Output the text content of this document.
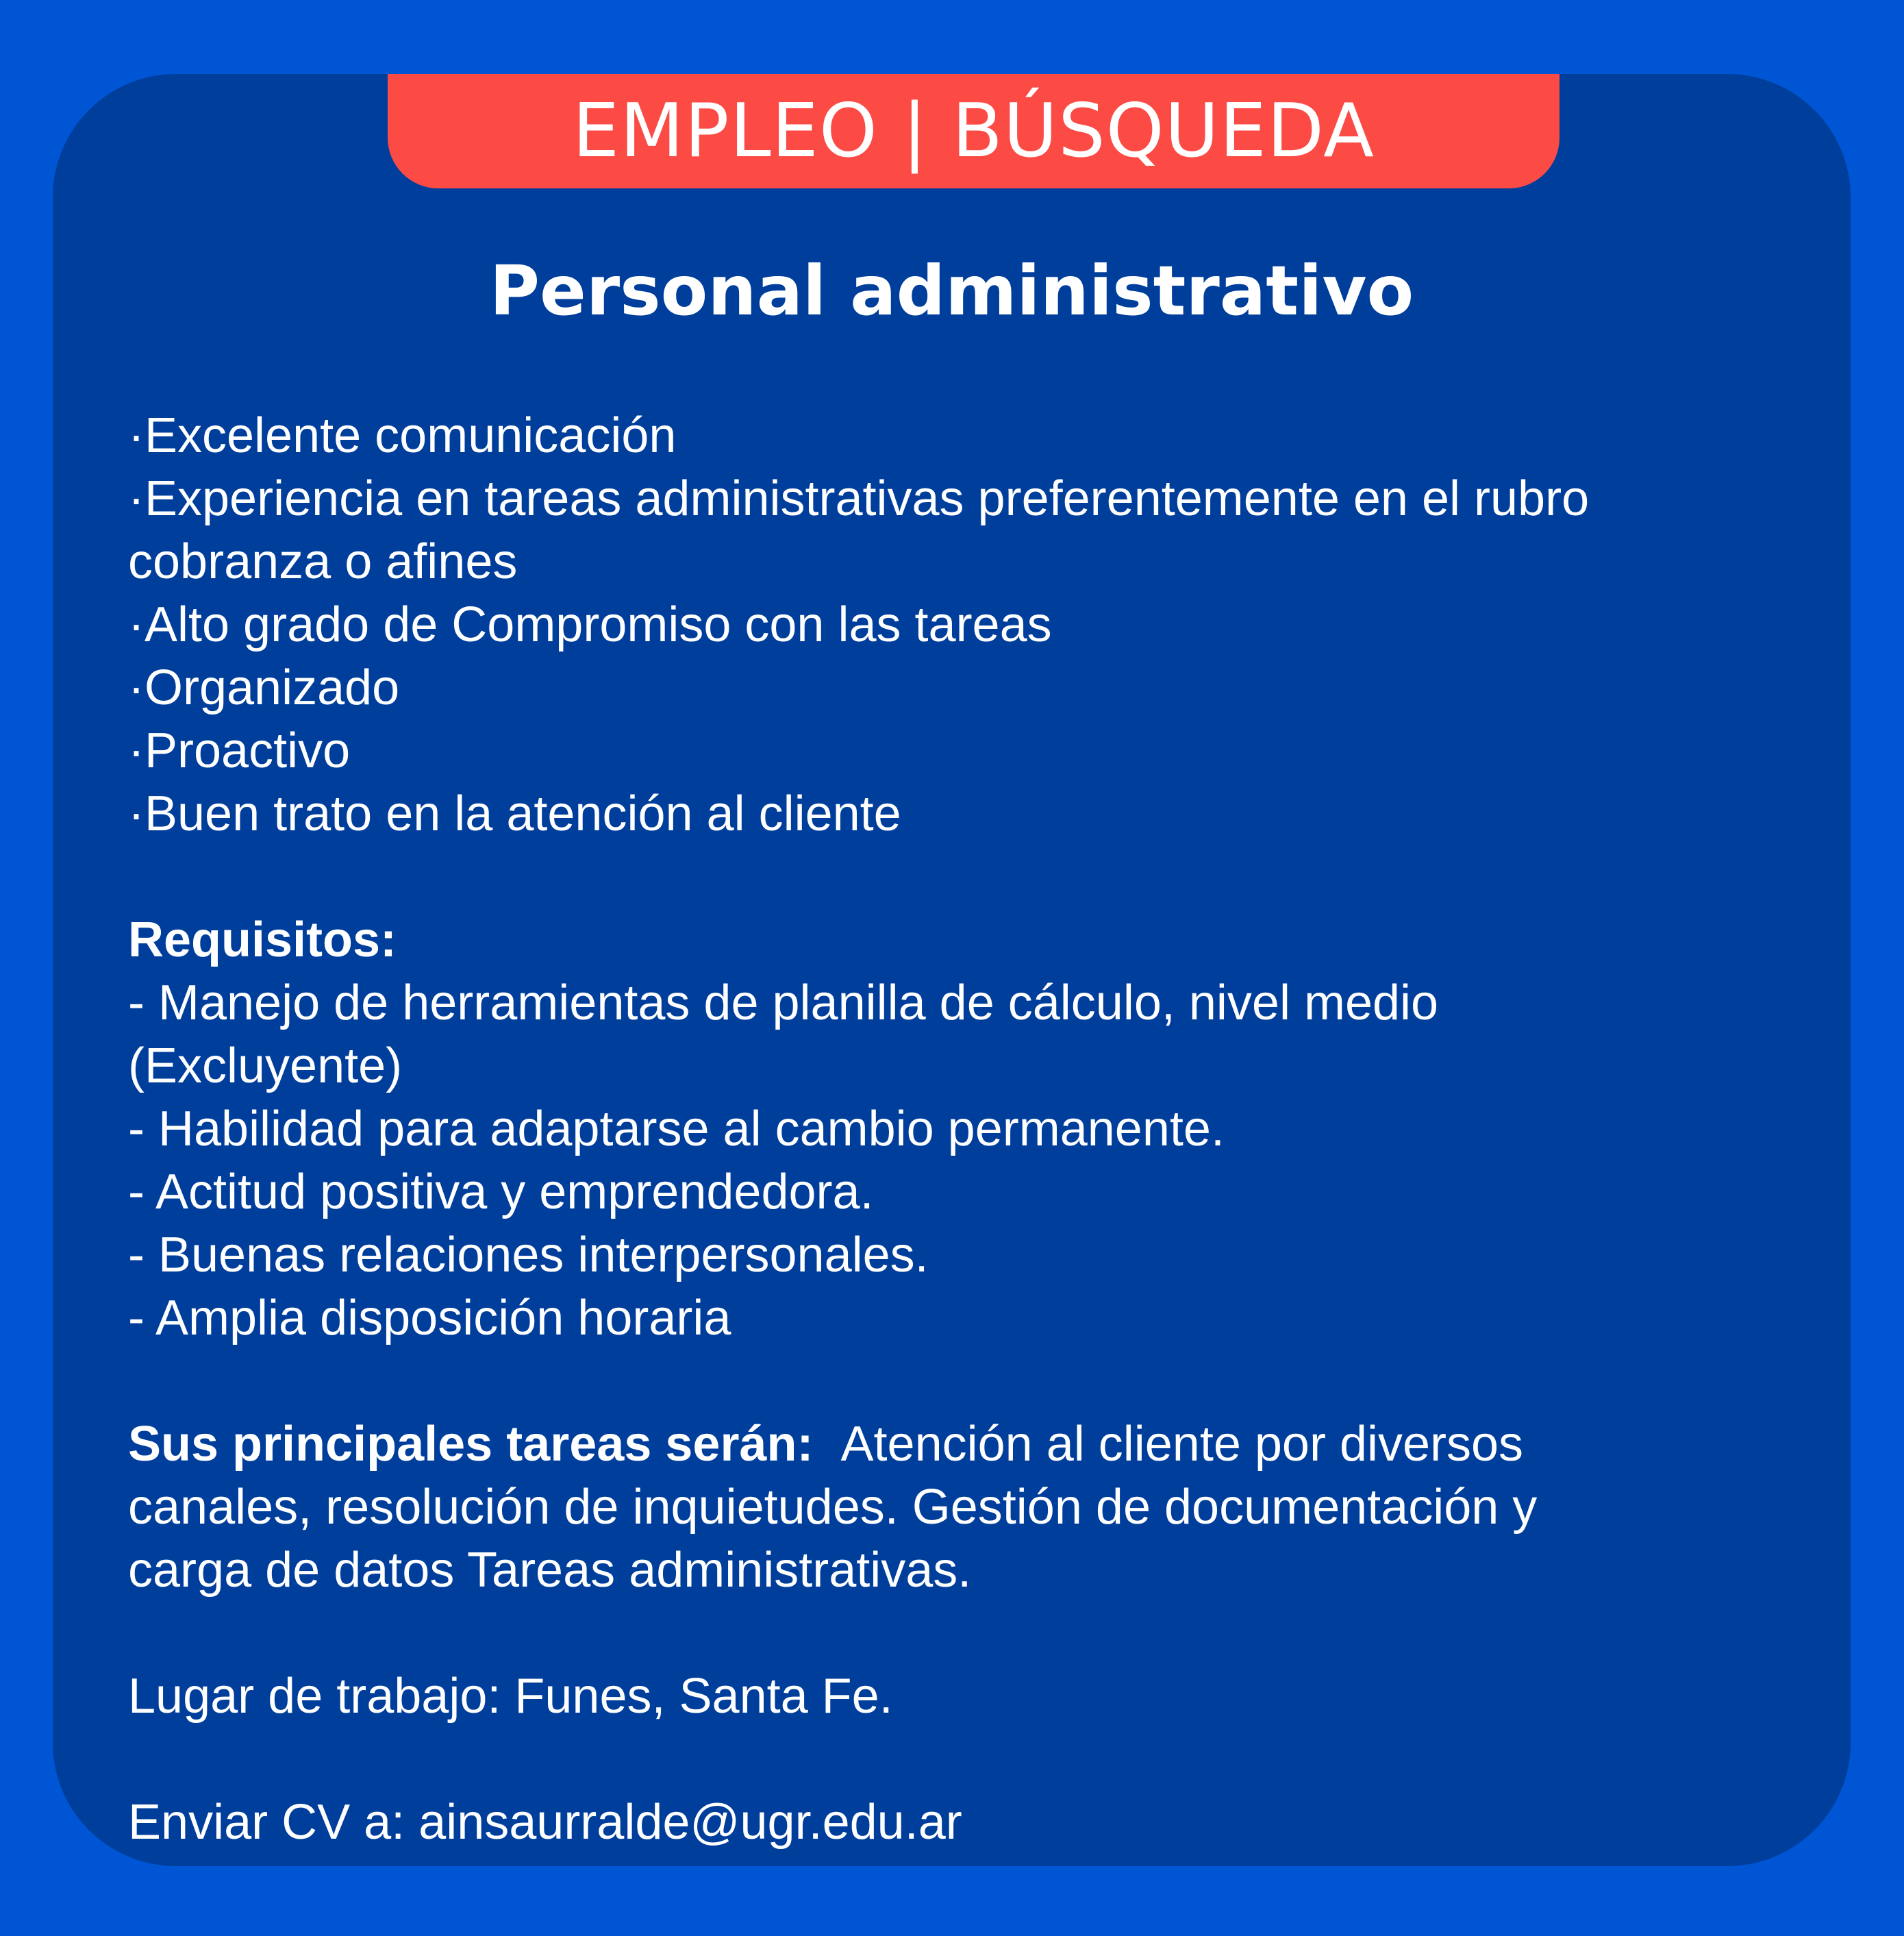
EMPLEO | BÚSQUEDA
Personal administrativo
·Excelente comunicación
·Experiencia en tareas administrativas preferentemente en el rubro
cobranza o afines
·Alto grado de Compromiso con las tareas
·Organizado
·Proactivo
·Buen trato en la atención al cliente
Requisitos:
- Manejo de herramientas de planilla de cálculo, nivel medio
(Excluyente)
- Habilidad para adaptarse al cambio permanente.
- Actitud positiva y emprendedora.
- Buenas relaciones interpersonales.
- Amplia disposición horaria
Sus principales tareas serán: Atención al cliente por diversos
canales, resolución de inquietudes. Gestión de documentación y
carga de datos Tareas administrativas.
Lugar de trabajo: Funes, Santa Fe.
Enviar CV a: ainsaurralde@ugr.edu.ar
